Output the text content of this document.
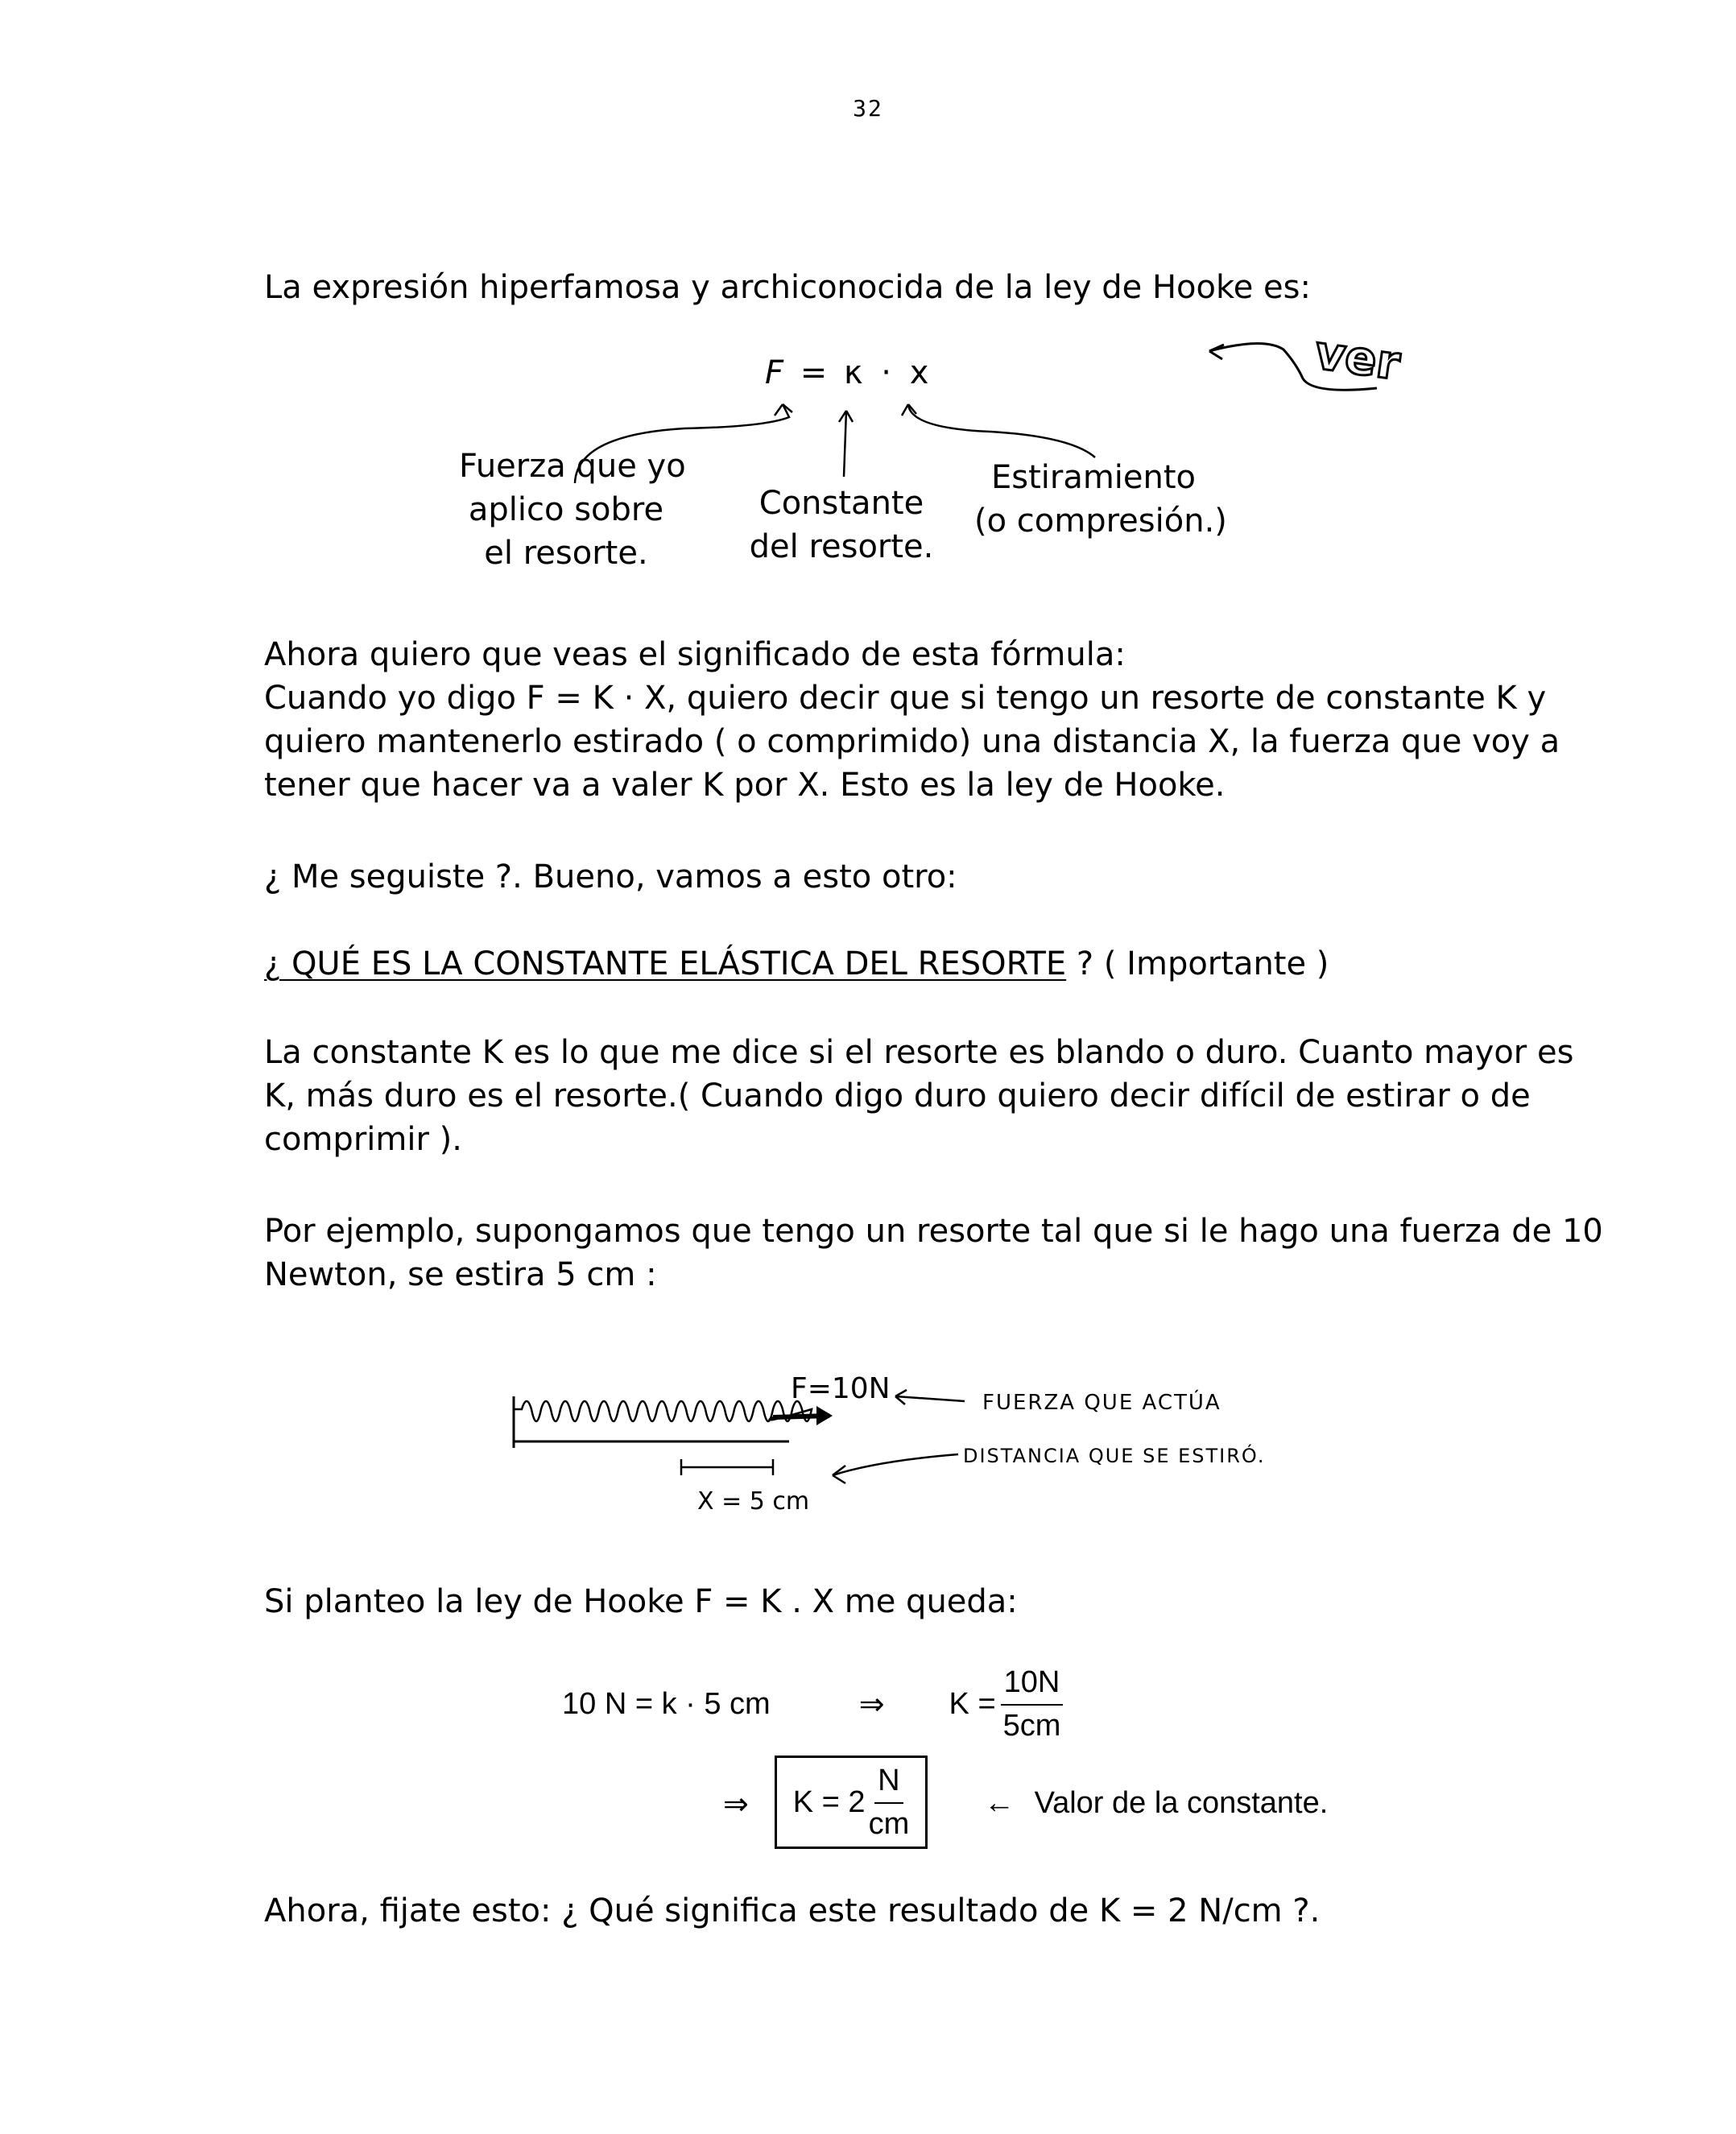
32

La expresión hiperfamosa y archiconocida de la ley de Hooke es:

F = κ · x	ver
Fuerza que yo
aplico sobre
el resorte.
Constante
del resorte.
Estiramiento
(o compresión.)

Ahora quiero que veas el significado de esta fórmula:

Cuando yo digo F = K · X, quiero decir que si tengo un resorte de constante K y

quiero mantenerlo estirado ( o comprimido) una distancia X, la fuerza que voy a

tener que hacer va a valer K por X. Esto es la ley de Hooke.

¿ Me seguiste ?. Bueno, vamos a esto otro:

¿ QUÉ ES LA CONSTANTE ELÁSTICA DEL RESORTE ? ( Importante )

La constante K es lo que me dice si el resorte es blando o duro. Cuanto mayor es

K, más duro es el resorte.( Cuando digo duro quiero decir difícil de estirar o de

comprimir ).

Por ejemplo, supongamos que tengo un resorte tal que si le hago una fuerza de 10

Newton, se estira 5 cm :

F=10N	FUERZA QUE ACTÚA
X = 5 cm
DISTANCIA QUE SE ESTIRÓ.

Si planteo la ley de Hooke F = K . X me queda:

10 N = k · 5 cm	⇒ $K = \frac{10N}{5cm}$
⇒ $K = 2 \frac{N}{cm}$ ← Valor de la constante.

Ahora, fijate esto: ¿ Qué significa este resultado de K = 2 N/cm ?.
